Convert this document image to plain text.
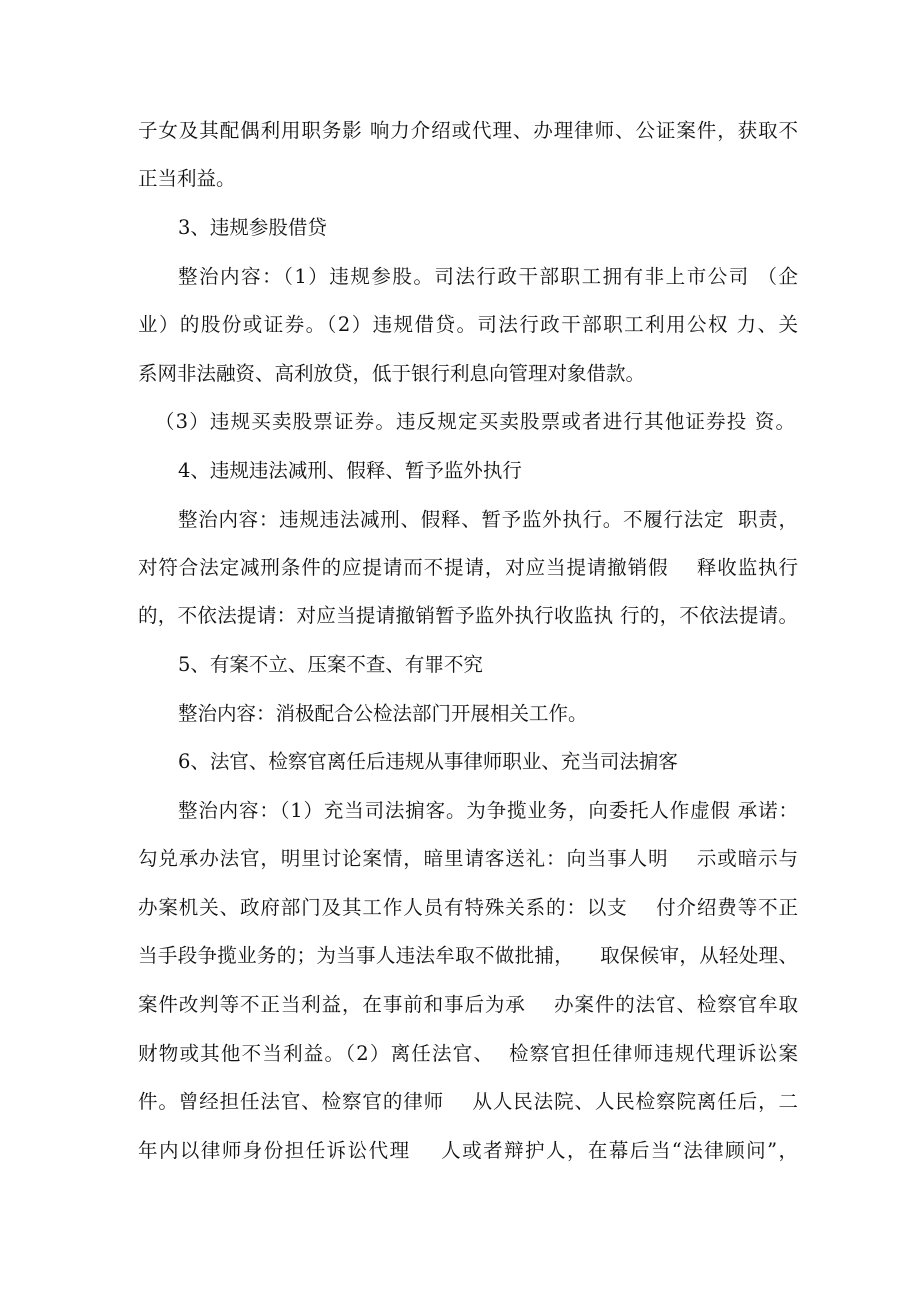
子女及其配偶利用职务影 响力介绍或代理、办理律师、公证案件，获取不
正当利益。
3、违规参股借贷
整治内容：（1）违规参股。司法行政干部职工拥有非上市公司 （企
业）的股份或证券。（2）违规借贷。司法行政干部职工利用公权 力、关
系网非法融资、高利放贷，低于银行利息向管理对象借款。
（3）违规买卖股票证券。违反规定买卖股票或者进行其他证券投 资。
4、违规违法减刑、假释、暂予监外执行
整治内容：违规违法减刑、假释、暂予监外执行。不履行法定  职责，
对符合法定减刑条件的应提请而不提请，对应当提请撤销假    释收监执行
的，不依法提请：对应当提请撤销暂予监外执行收监执 行的，不依法提请。
5、有案不立、压案不查、有罪不究
整治内容：消极配合公检法部门开展相关工作。
6、法官、检察官离任后违规从事律师职业、充当司法掮客
整治内容：（1）充当司法掮客。为争揽业务，向委托人作虚假 承诺：
勾兑承办法官，明里讨论案情，暗里请客送礼：向当事人明    示或暗示与
办案机关、政府部门及其工作人员有特殊关系的：以支    付介绍费等不正
当手段争揽业务的；为当事人违法牟取不做批捕，    取保候审，从轻处理、
案件改判等不正当利益，在事前和事后为承    办案件的法官、检察官牟取
财物或其他不当利益。（2）离任法官、  检察官担任律师违规代理诉讼案
件。曾经担任法官、检察官的律师    从人民法院、人民检察院离任后，二
年内以律师身份担任诉讼代理    人或者辩护人，在幕后当“法律顾问”，
